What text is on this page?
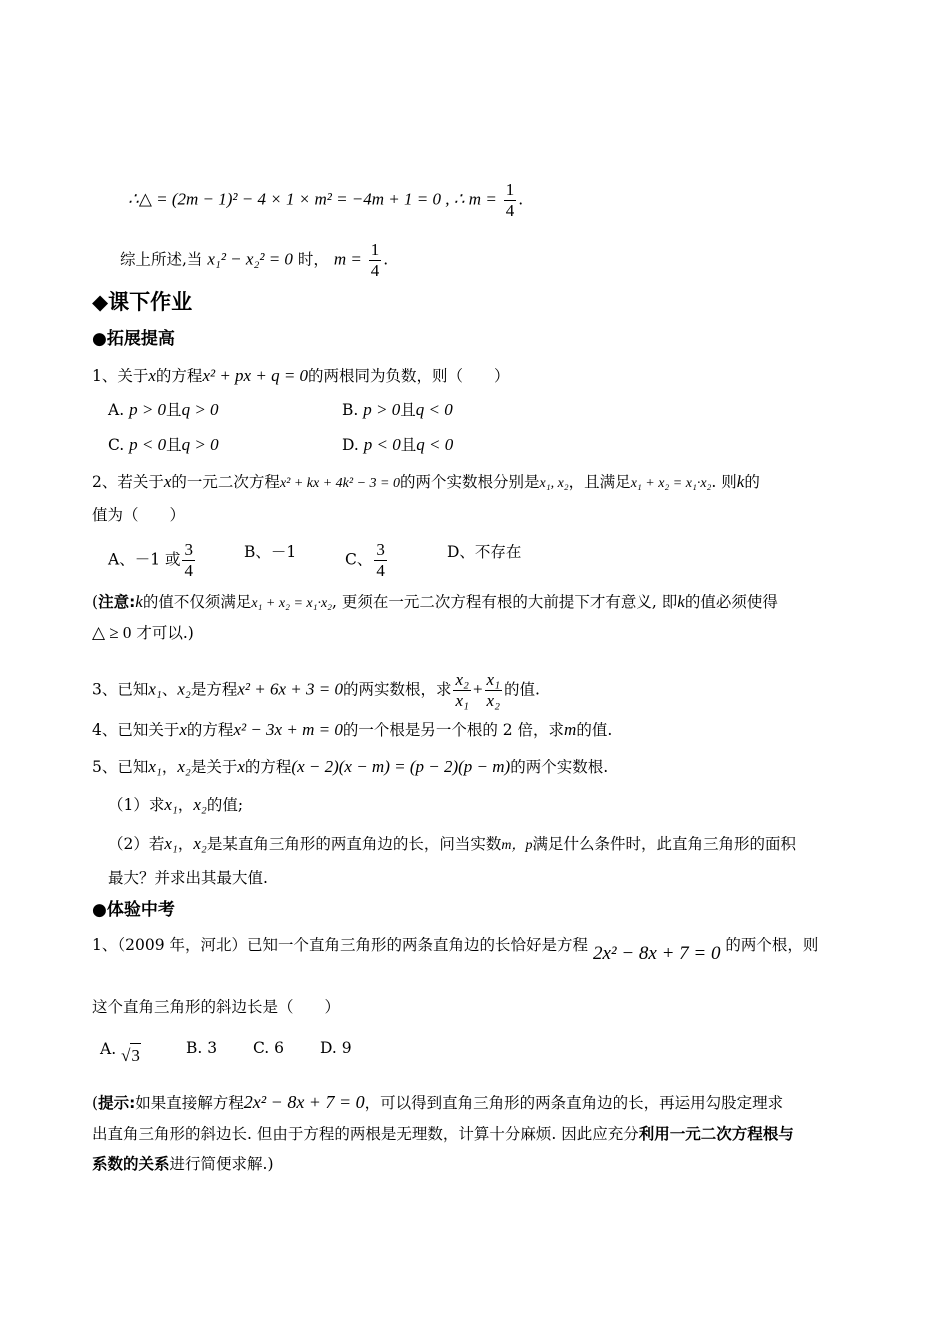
∴△ = (2m − 1)² − 4 × 1 × m² = −4m + 1 = 0 , ∴ $m = \frac{1}{4}$ .
综上所述,当 x₁² − x₂² = 0 时， $m = \frac{1}{4}$ .
◆课下作业
●拓展提高
1、关于x的方程x² + px + q = 0的两根同为负数，则（　　）
A. p > 0且q > 0	B. p > 0且q < 0
C. p < 0且q > 0	D. p < 0且q < 0
2、若关于x的一元二次方程x² + kx + 4k² − 3 = 0的两个实数根分别是x₁, x₂，且满足x₁ + x₂ = x₁·x₂. 则k的
值为（　　）
A、－1 或 $\frac{3}{4}$	B、－1	C、 $\frac{3}{4}$	D、不存在
(注意:k的值不仅须满足x₁ + x₂ = x₁·x₂, 更须在一元二次方程有根的大前提下才有意义, 即k的值必须使得
△ ≥ 0 才可以.)
3、已知x₁、x₂是方程x² + 6x + 3 = 0的两实数根，求 $\frac{\text{x₂}}{\text{x₁}} + \frac{\text{x₁}}{\text{x₂}}$ 的值.
4、已知关于x的方程x² − 3x + m = 0的一个根是另一个根的 2 倍，求m的值.
5、已知x₁，x₂是关于x的方程(x − 2)(x − m) = (p − 2)(p − m)的两个实数根.
（1）求x₁，x₂的值;
（2）若x₁，x₂是某直角三角形的两直角边的长，问当实数m，p满足什么条件时，此直角三角形的面积
最大？并求出其最大值.
●体验中考
1、（2009 年，河北）已知一个直角三角形的两条直角边的长恰好是方程 2x² − 8x + 7 = 0 的两个根，则
这个直角三角形的斜边长是（　　）
A. √3	B. 3 C. 6 D. 9
(提示:如果直接解方程2x² − 8x + 7 = 0，可以得到直角三角形的两条直角边的长，再运用勾股定理求
出直角三角形的斜边长. 但由于方程的两根是无理数，计算十分麻烦. 因此应充分利用一元二次方程根与
系数的关系进行简便求解.)
